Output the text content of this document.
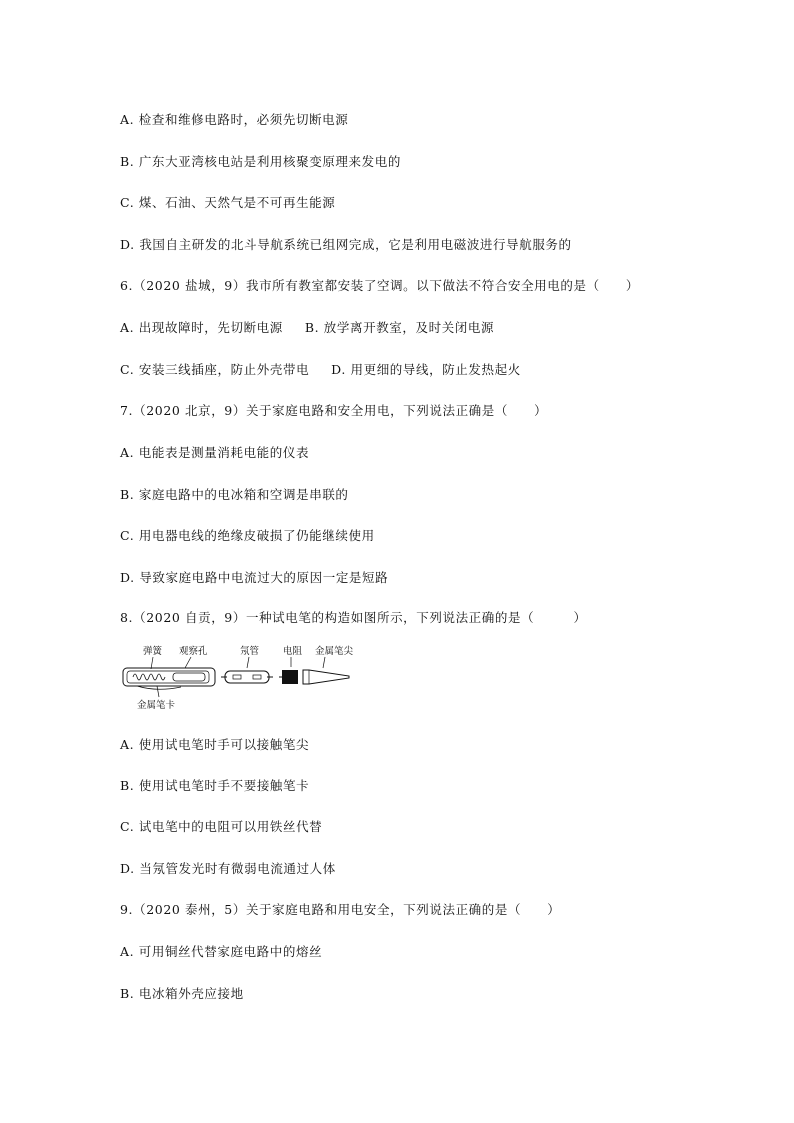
A. 检查和维修电路时，必须先切断电源
B. 广东大亚湾核电站是利用核聚变原理来发电的
C. 煤、石油、天然气是不可再生能源
D. 我国自主研发的北斗导航系统已组网完成，它是利用电磁波进行导航服务的
6.（2020 盐城，9）我市所有教室都安装了空调。以下做法不符合安全用电的是（　　）
A. 出现故障时，先切断电源 B. 放学离开教室，及时关闭电源
C. 安装三线插座，防止外壳带电 D. 用更细的导线，防止发热起火
7.（2020 北京，9）关于家庭电路和安全用电，下列说法正确是（　　）
A. 电能表是测量消耗电能的仪表
B. 家庭电路中的电冰箱和空调是串联的
C. 用电器电线的绝缘皮破损了仍能继续使用
D. 导致家庭电路中电流过大的原因一定是短路
8.（2020 自贡，9）一种试电笔的构造如图所示，下列说法正确的是（　　　）
弹簧 观察孔	氖管	电阻 金属笔尖
金属笔卡
A. 使用试电笔时手可以接触笔尖
B. 使用试电笔时手不要接触笔卡
C. 试电笔中的电阻可以用铁丝代替
D. 当氖管发光时有微弱电流通过人体
9.（2020 泰州，5）关于家庭电路和用电安全，下列说法正确的是（　　）
A. 可用铜丝代替家庭电路中的熔丝
B. 电冰箱外壳应接地
